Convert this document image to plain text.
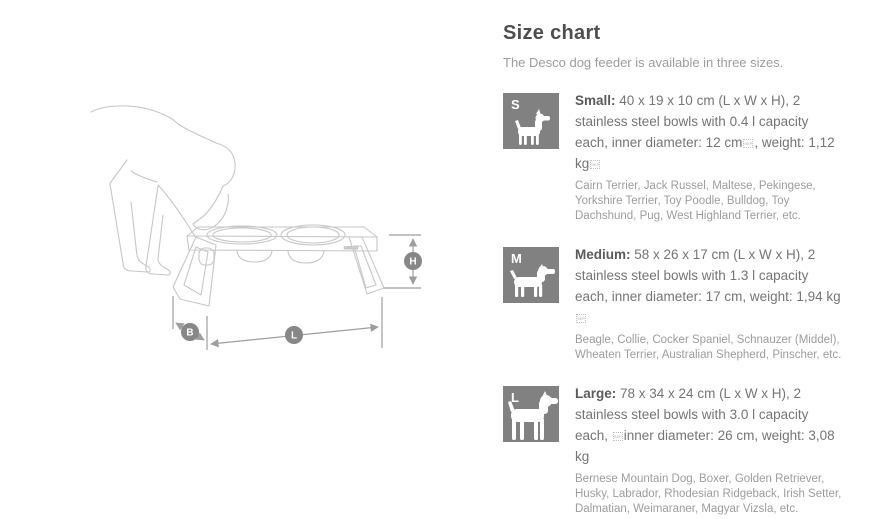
DESCO
H
B	L
Size chart

The Desco dog feeder is available in three sizes.

S	Small: 40 x 19 x 10 cm (L x W x H), 2 stainless steel bowls with 0.4 l capacity each, inner diameter: 12 cm SEP , weight: 1,12 kg SEP

Cairn Terrier, Jack Russel, Maltese, Pekingese, Yorkshire Terrier, Toy Poodle, Bulldog, Toy Dachshund, Pug, West Highland Terrier, etc.

M	Medium: 58 x 26 x 17 cm (L x W x H), 2 stainless steel bowls with 1.3 l capacity each, inner diameter: 17 cm, weight: 1,94 kgSEP

Beagle, Collie, Cocker Spaniel, Schnauzer (Middel), Wheaten Terrier, Australian Shepherd, Pinscher, etc.

L	Large: 78 x 34 x 24 cm (L x W x H), 2 stainless steel bowls with 3.0 l capacity each, SEP inner diameter: 26 cm, weight: 3,08 kg

Bernese Mountain Dog, Boxer, Golden Retriever, Husky, Labrador, Rhodesian Ridgeback, Irish Setter, Dalmatian, Weimaraner, Magyar Vizsla, etc.
